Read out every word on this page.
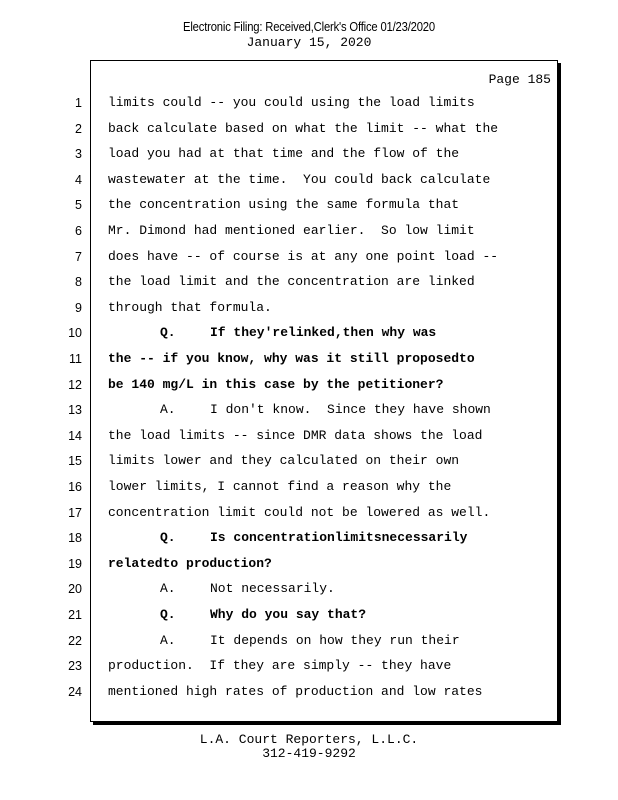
Electronic Filing: Received,Clerk's Office 01/23/2020
January 15, 2020
Page 185
1 limits could -- you could using the load limits
2 back calculate based on what the limit -- what the
3 load you had at that time and the flow of the
4 wastewater at the time.  You could back calculate
5 the concentration using the same formula that
6 Mr. Dimond had mentioned earlier.  So low limit
7 does have -- of course is at any one point load --
8 the load limit and the concentration are linked
9 through that formula.
10	Q.	If they'relinked,then why was
11 the -- if you know, why was it still proposedto
12 be 140 mg/L in this case by the petitioner?
13	A.	I don't know.  Since they have shown
14 the load limits -- since DMR data shows the load
15 limits lower and they calculated on their own
16 lower limits, I cannot find a reason why the
17 concentration limit could not be lowered as well.
18	Q.	Is concentrationlimitsnecessarily
19 relatedto production?
20	A.	Not necessarily.
21	Q.	Why do you say that?
22	A.	It depends on how they run their
23 production.  If they are simply -- they have
24 mentioned high rates of production and low rates
L.A. Court Reporters, L.L.C.
312-419-9292
